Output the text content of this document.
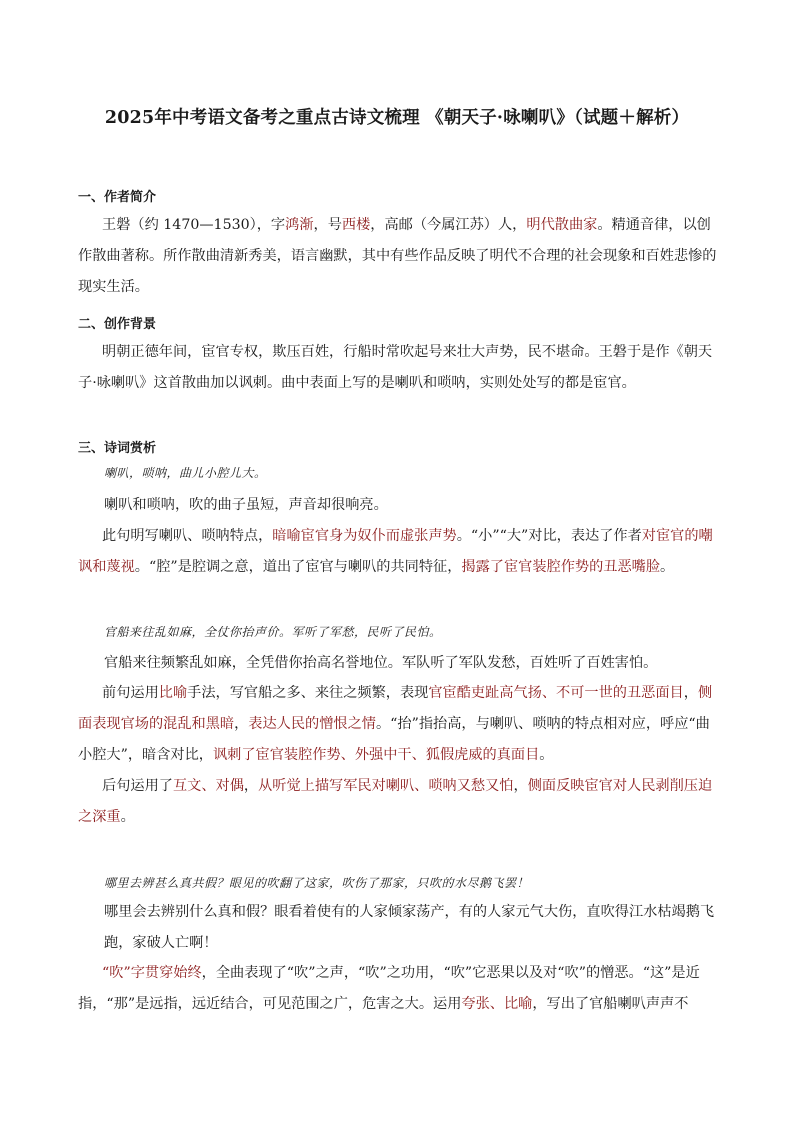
2025年中考语文备考之重点古诗文梳理 《朝天子·咏喇叭》（试题＋解析）
一、作者简介

王磐（约 1470—1530），字鸿渐，号西楼，高邮（今属江苏）人，明代散曲家。精通音律，以创作散曲著称。所作散曲清新秀美，语言幽默，其中有些作品反映了明代不合理的社会现象和百姓悲惨的现实生活。

二、创作背景

明朝正德年间，宦官专权，欺压百姓，行船时常吹起号来壮大声势，民不堪命。王磐于是作《朝天子·咏喇叭》这首散曲加以讽刺。曲中表面上写的是喇叭和唢呐，实则处处写的都是宦官。

三、诗词赏析
喇叭，唢呐，曲儿小腔儿大。
喇叭和唢呐，吹的曲子虽短，声音却很响亮。

此句明写喇叭、唢呐特点，暗喻宦官身为奴仆而虚张声势。“小”“大”对比，表达了作者对宦官的嘲讽和蔑视。“腔”是腔调之意，道出了宦官与喇叭的共同特征，揭露了宦官装腔作势的丑恶嘴脸。

官船来往乱如麻，全仗你抬声价。军听了军愁，民听了民怕。
官船来往频繁乱如麻，全凭借你抬高名誉地位。军队听了军队发愁，百姓听了百姓害怕。

前句运用比喻手法，写官船之多、来往之频繁，表现官宦酷吏趾高气扬、不可一世的丑恶面目，侧面表现官场的混乱和黑暗，表达人民的憎恨之情。“抬”指抬高，与喇叭、唢呐的特点相对应，呼应“曲小腔大”，暗含对比，讽刺了宦官装腔作势、外强中干、狐假虎威的真面目。

后句运用了互文、对偶，从听觉上描写军民对喇叭、唢呐又愁又怕，侧面反映宦官对人民剥削压迫之深重。

哪里去辨甚么真共假？眼见的吹翻了这家，吹伤了那家，只吹的水尽鹅飞罢！

哪里会去辨别什么真和假？眼看着使有的人家倾家荡产，有的人家元气大伤，直吹得江水枯竭鹅飞跑，家破人亡啊！

“吹”字贯穿始终，全曲表现了“吹”之声，“吹”之功用，“吹”它恶果以及对“吹”的憎恶。“这”是近指，“那”是远指，远近结合，可见范围之广，危害之大。运用夸张、比喻，写出了官船喇叭声声不
